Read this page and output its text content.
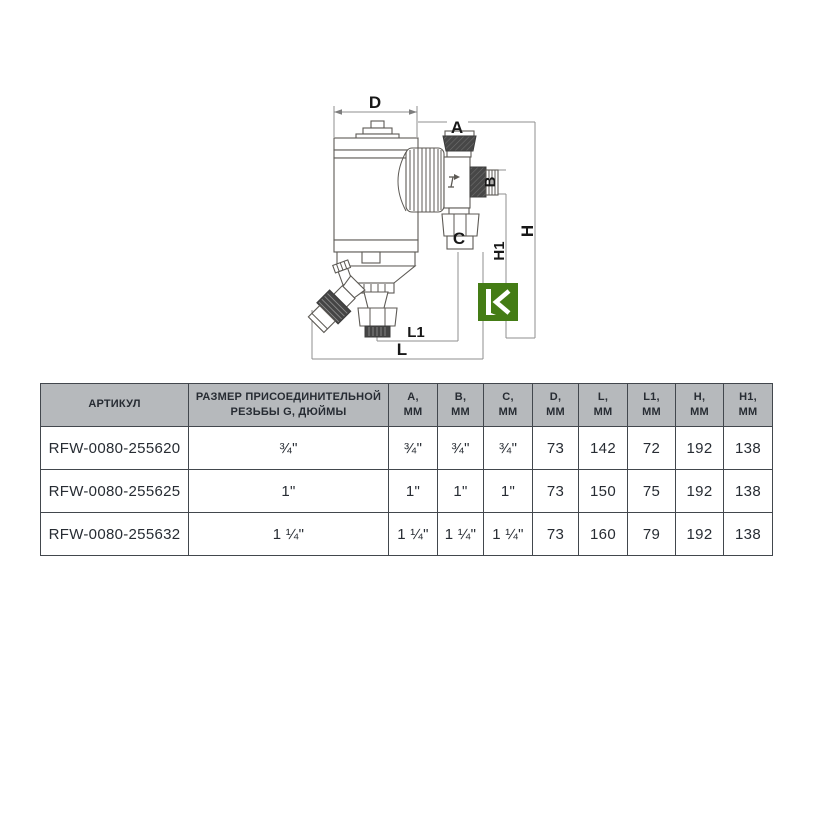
D
A
B
C	H
H1
L1
L
АРТИКУЛ	РАЗМЕР ПРИСОЕДИНИТЕЛЬНОЙ
РЕЗЬБЫ G, ДЮЙМЫ	A,
ММ	B,
ММ	C,
ММ	D,
ММ	L,
ММ	L1,
ММ	H,
ММ	H1,
ММ

RFW-0080-255620	¾"	¾"	¾"	¾"	73	142	72	192	138
RFW-0080-255625	1"	1"	1"	1"	73	150	75	192	138
RFW-0080-255632	1 ¼"	1 ¼"	1 ¼"	1 ¼"	73	160	79	192	138
